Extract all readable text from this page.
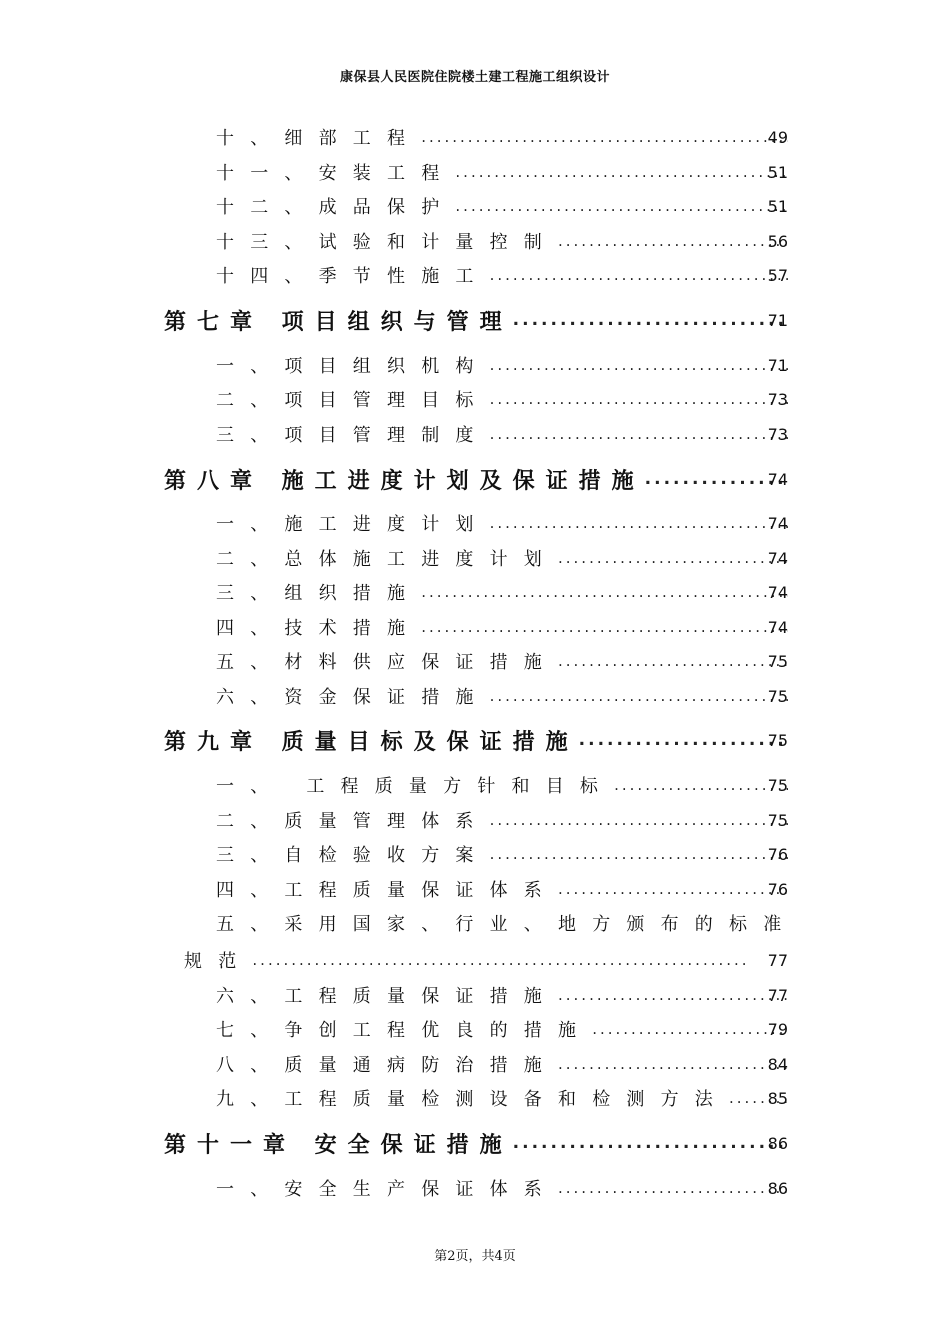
康保县人民医院住院楼土建工程施工组织设计
十、细部工程
.....
十一、安装工程
.....
十二、成品保护
.....
十三、试验和计量控制
.....
十四、季节性施工
.....
第七章 项目组织与管理
.....
一、项目组织机构
.....
二、项目管理目标
.....
三、项目管理制度
.....
第八章 施工进度计划及保证措施
.....
一、施工进度计划
.....
二、总体施工进度计划
.....
三、组织措施
.....
四、技术措施
.....
五、材料供应保证措施
.....
六、资金保证措施
.....
第九章 质量目标及保证措施
.....
一、 工程质量方针和目标
.....
二、质量管理体系
.....
三、自检验收方案
.....
四、工程质量保证体系
.....
五、采用国家、行业、地方颁布的标准
规范
.....
六、工程质量保证措施
.....
七、争创工程优良的措施
.....
八、质量通病防治措施
.....
九、工程质量检测设备和检测方法
.....
第十一章 安全保证措施
.....
一、安全生产保证体系
.....
49
51
51
56
57
71
71
73
73
74
74
74
74
74
75
75
75
75
75
76
76
77
77
79
84
85
86
86
第2页，共4页
